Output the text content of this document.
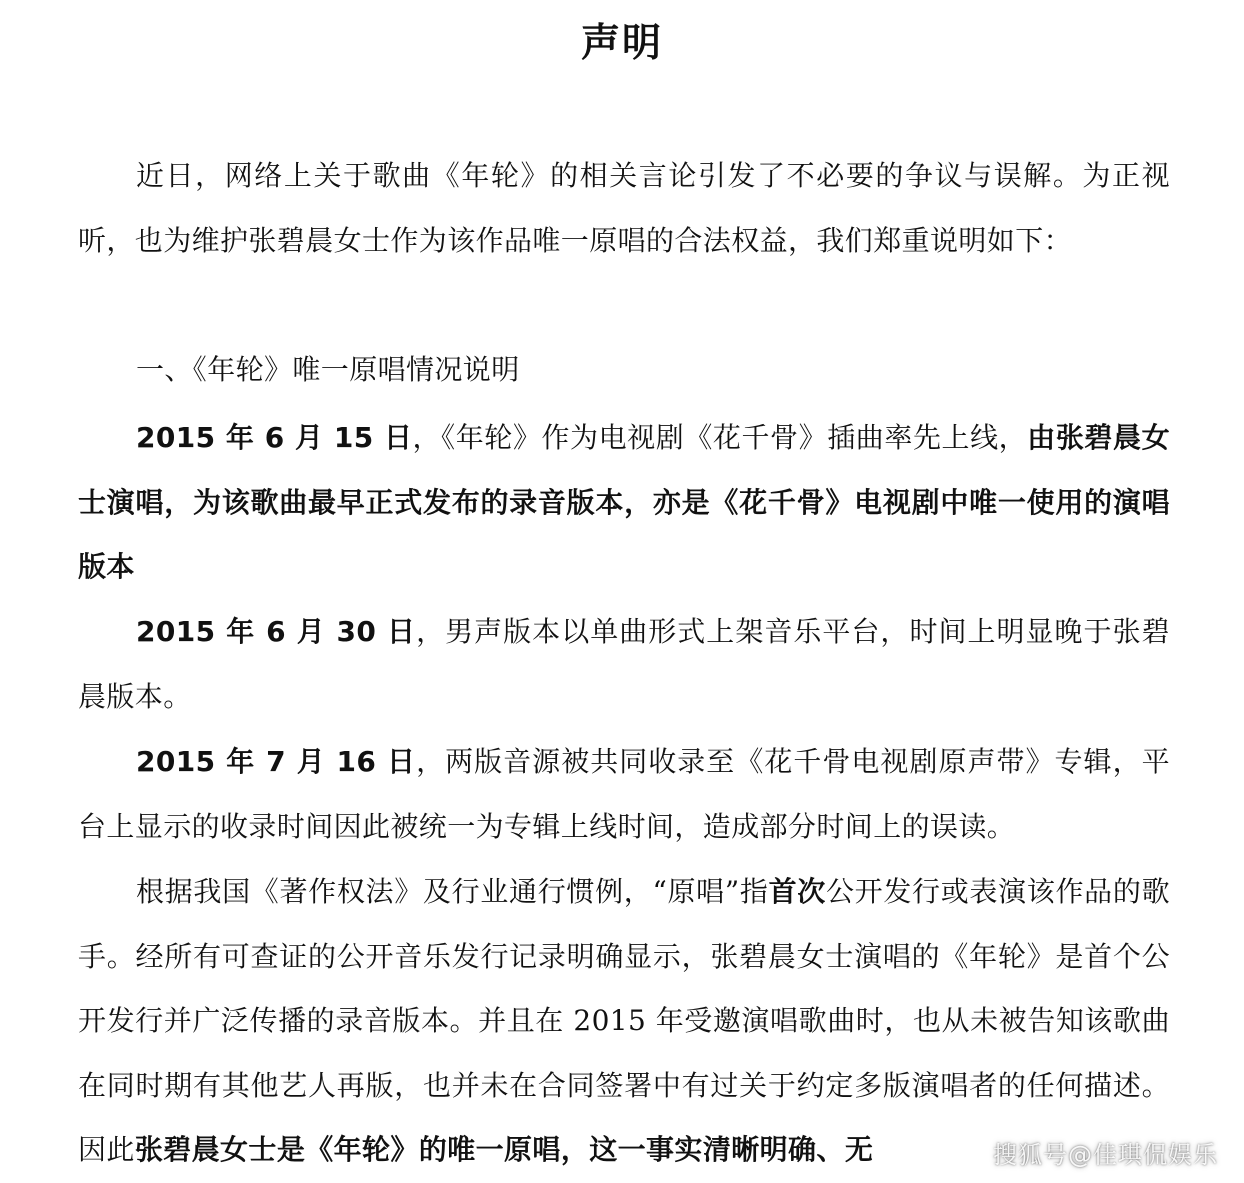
声明
近日，网络上关于歌曲《年轮》的相关言论引发了不必要的争议与误解。为正视听，也为维护张碧晨女士作为该作品唯一原唱的合法权益，我们郑重说明如下：
一、《年轮》唯一原唱情况说明
2015 年 6 月 15 日，《年轮》作为电视剧《花千骨》插曲率先上线，由张碧晨女士演唱，为该歌曲最早正式发布的录音版本，亦是《花千骨》电视剧中唯一使用的演唱版本
2015 年 6 月 30 日，男声版本以单曲形式上架音乐平台，时间上明显晚于张碧晨版本。
2015 年 7 月 16 日，两版音源被共同收录至《花千骨电视剧原声带》专辑，平台上显示的收录时间因此被统一为专辑上线时间，造成部分时间上的误读。
根据我国《著作权法》及行业通行惯例，“原唱”指首次公开发行或表演该作品的歌手。经所有可查证的公开音乐发行记录明确显示，张碧晨女士演唱的《年轮》是首个公开发行并广泛传播的录音版本。并且在 2015 年受邀演唱歌曲时，也从未被告知该歌曲在同时期有其他艺人再版，也并未在合同签署中有过关于约定多版演唱者的任何描述。因此张碧晨女士是《年轮》的唯一原唱，这一事实清晰明确、无	搜狐号@佳琪侃娱乐
